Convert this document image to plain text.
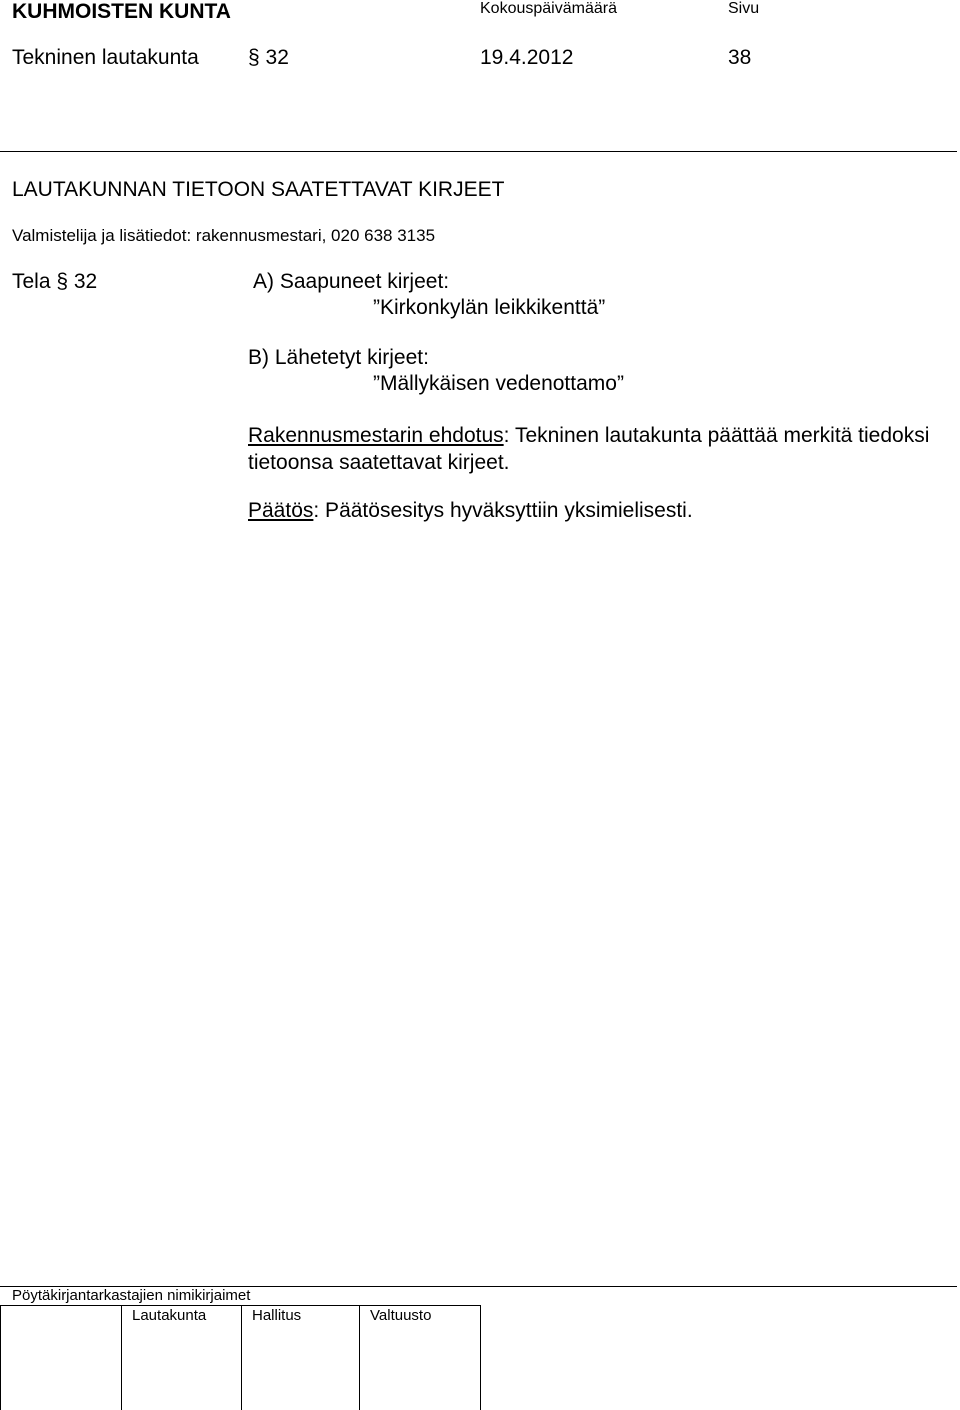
KUHMOISTEN KUNTA	Kokouspäivämäärä	Sivu
Tekninen lautakunta § 32	19.4.2012	38
LAUTAKUNNAN TIETOON SAATETTAVAT KIRJEET
Valmistelija ja lisätiedot: rakennusmestari, 020 638 3135
Tela § 32	A) Saapuneet kirjeet:
”Kirkonkylän leikkikenttä”
B) Lähetetyt kirjeet:
”Mällykäisen vedenottamo”
Rakennusmestarin ehdotus: Tekninen lautakunta päättää merkitä tiedoksi tietoonsa saatettavat kirjeet.
Päätös: Päätösesitys hyväksyttiin yksimielisesti.
Pöytäkirjantarkastajien nimikirjaimet
Lautakunta	Hallitus	Valtuusto
